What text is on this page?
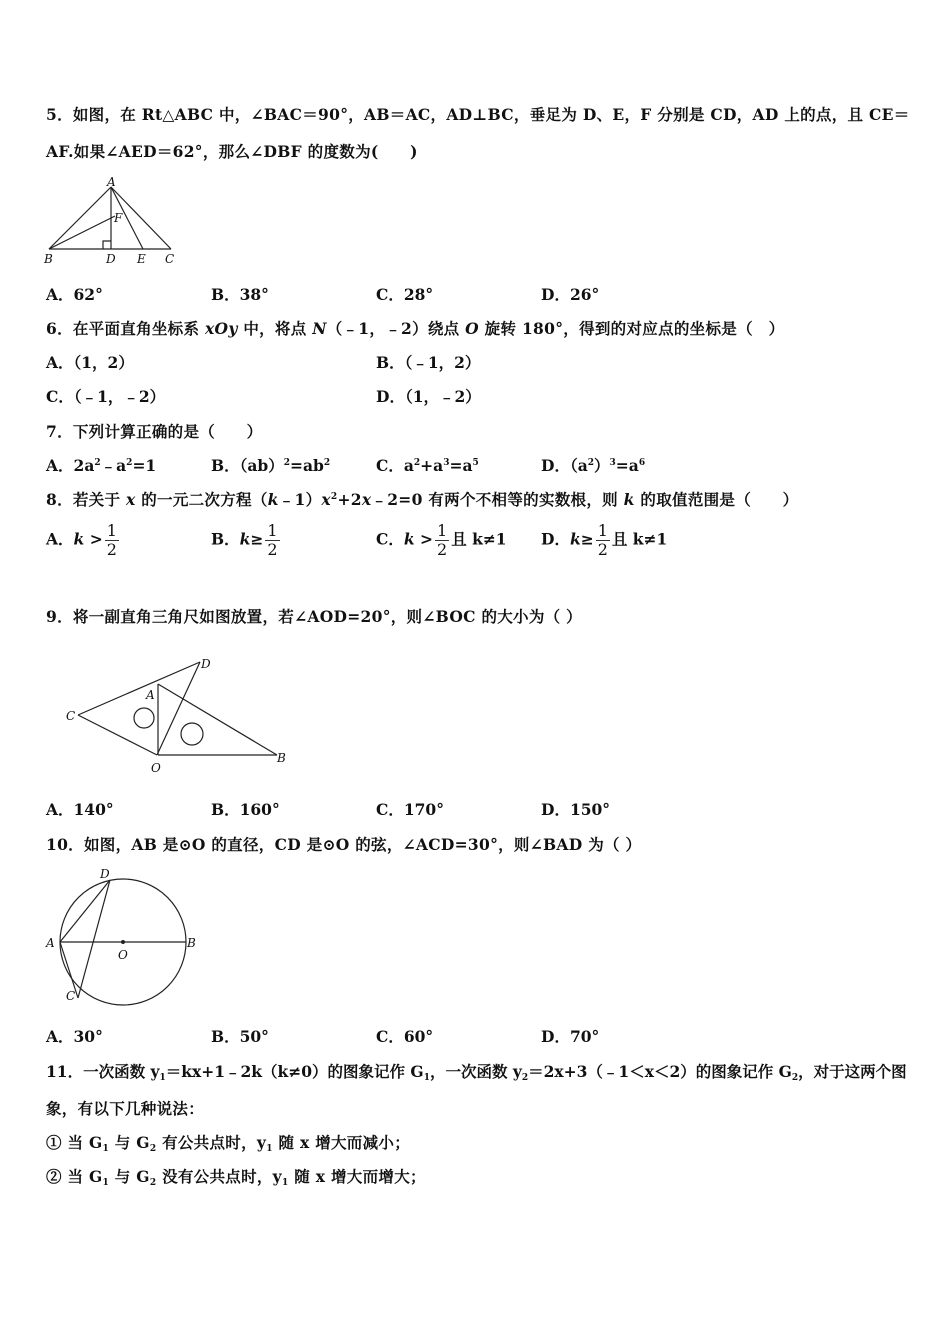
5．如图，在 Rt△ABC 中，∠BAC＝90°，AB＝AC，AD⊥BC，垂足为 D、E，F 分别是 CD，AD 上的点，且 CE＝
AF.如果∠AED＝62°，那么∠DBF 的度数为(　　)
A
F
B	D E C
A．62°	B．38°	C．28°	D．26°
6．在平面直角坐标系 xOy 中，将点 N（﹣1，﹣2）绕点 O 旋转 180°，得到的对应点的坐标是（　）
A．（1，2）	B．（﹣1，2）
C．（﹣1，﹣2）	D．（1，﹣2）
7．下列计算正确的是（　　）
A．$2a^2﹣a^2=1$	B．$(ab)^2=ab^2$	C．$a^2+a^3=a^5$	D．$(a^2)^3=a^6$
8．若关于 x 的一元二次方程$(k﹣1)x^2+2x﹣2=0$ 有两个不相等的实数根，则 k 的取值范围是（　　）
A．$k > \frac{1}{2}$	B．$k\ge \frac{1}{2}$	C．$k > \frac{1}{2}$ 且 k≠1 D．$k\ge \frac{1}{2}$ 且 k≠1
9．将一副直角三角尺如图放置，若∠AOD=20°，则∠BOC 的大小为（ ）
D
A
C
O
B
A．140°	B．160°	C．170°	D．150°
10．如图，AB 是⊙O 的直径，CD 是⊙O 的弦，∠ACD=30°，则∠BAD 为（ ）
D
A	B
O
C
A．30°	B．50°	C．60°	D．70°
11．一次函数 $y_1=kx+1﹣2k(k\ne 0)$的图象记作 $G_1$，一次函数 $y_2=2x+3(﹣1<x<2)$的图象记作 $G_2$，对于这两个图
象，有以下几种说法：
① 当 $G_1$ 与 $G_2$ 有公共点时，$y_1$ 随 x 增大而减小；
② 当 $G_1$ 与 $G_2$ 没有公共点时，$y_1$ 随 x 增大而增大；
